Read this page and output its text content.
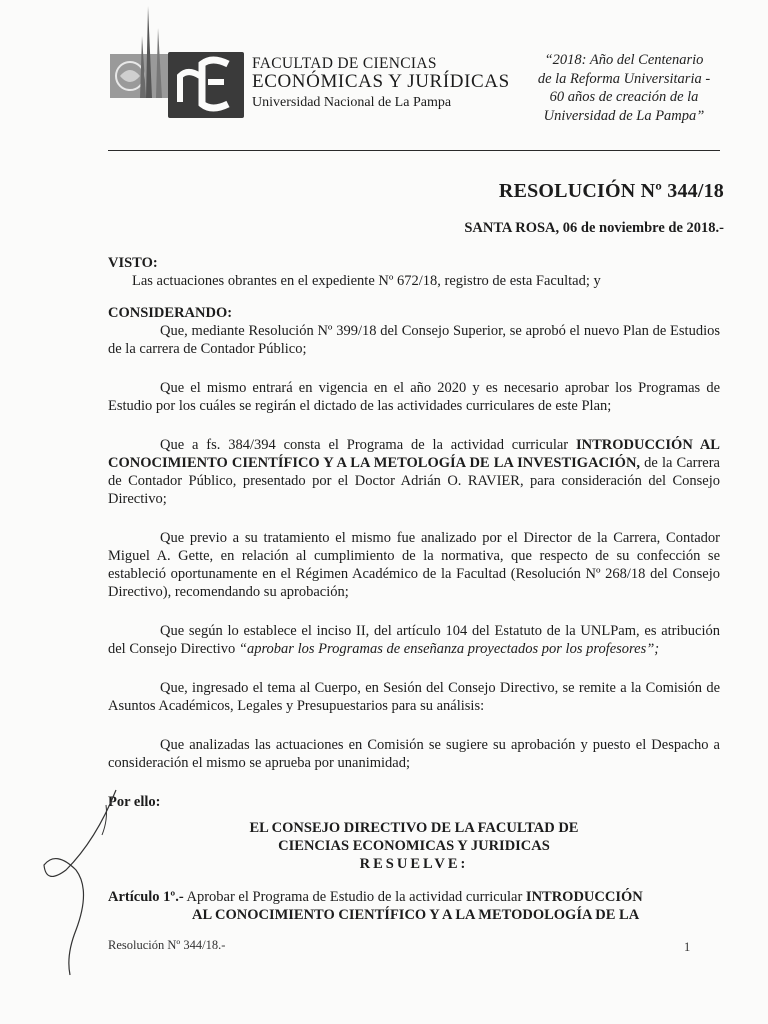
FACULTAD DE CIENCIAS
ECONÓMICAS Y JURÍDICAS
Universidad Nacional de La Pampa
“2018: Año del Centenario
de la Reforma Universitaria -
60 años de creación de la
Universidad de La Pampa”
RESOLUCIÓN Nº 344/18
SANTA ROSA, 06 de noviembre de 2018.-
VISTO:

Las actuaciones obrantes en el expediente Nº 672/18, registro de esta Facultad; y

CONSIDERANDO:

Que, mediante Resolución Nº 399/18 del Consejo Superior, se aprobó el nuevo Plan de Estudios de la carrera de Contador Público;

Que el mismo entrará en vigencia en el año 2020 y es necesario aprobar los Programas de Estudio por los cuáles se regirán el dictado de las actividades curriculares de este Plan;

Que a fs. 384/394 consta el Programa de la actividad curricular INTRODUCCIÓN AL CONOCIMIENTO CIENTÍFICO Y A LA METOLOGÍA DE LA INVESTIGACIÓN, de la Carrera de Contador Público, presentado por el Doctor Adrián O. RAVIER, para consideración del Consejo Directivo;

Que previo a su tratamiento el mismo fue analizado por el Director de la Carrera, Contador Miguel A. Gette, en relación al cumplimiento de la normativa, que respecto de su confección se estableció oportunamente en el Régimen Académico de la Facultad (Resolución Nº 268/18 del Consejo Directivo), recomendando su aprobación;

Que según lo establece el inciso II, del artículo 104 del Estatuto de la UNLPam, es atribución del Consejo Directivo “aprobar los Programas de enseñanza proyectados por los profesores”;

Que, ingresado el tema al Cuerpo, en Sesión del Consejo Directivo, se remite a la Comisión de Asuntos Académicos, Legales y Presupuestarios para su análisis:

Que analizadas las actuaciones en Comisión se sugiere su aprobación y puesto el Despacho a consideración el mismo se aprueba por unanimidad;

Por ello:
EL CONSEJO DIRECTIVO DE LA FACULTAD DE
CIENCIAS ECONOMICAS Y JURIDICAS
RESUELVE:
Artículo 1º.- Aprobar el Programa de Estudio de la actividad curricular INTRODUCCIÓN
AL CONOCIMIENTO CIENTÍFICO Y A LA METODOLOGÍA DE LA
Resolución Nº 344/18.-	1
